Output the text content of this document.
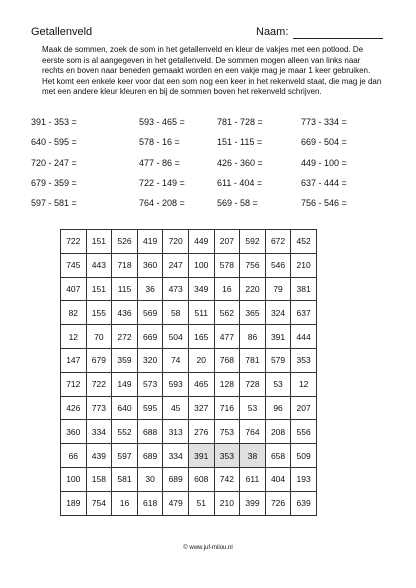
Getallenveld	Naam:
Maak de sommen, zoek de som in het getallenveld en kleur de vakjes met een potlood. De eerste som is al aangegeven in het getallenveld. De sommen mogen alleen van links naar rechts en boven naar beneden gemaakt worden en een vakje mag je maar 1 keer gebruiken. Het komt een enkele keer voor dat een som nog een keer in het rekenveld staat, die mag je dan met een andere kleur kleuren en bij de sommen boven het rekenveld schrijven.
391 - 353 =	593 - 465 =	781 - 728 =	773 - 334 =
640 - 595 =	578 - 16 =	151 - 115 =	669 - 504 =
720 - 247 =	477 - 86 =	426 - 360 =	449 - 100 =
679 - 359 =	722 - 149 =	611 - 404 =	637 - 444 =
597 - 581 =	764 - 208 =	569 - 58 =	756 - 546 =
722	151	526	419	720	449	207	592	672	452
745	443	718	360	247	100	578	756	546	210
407	151	115	36	473	349	16	220	79	381
82	155	436	569	58	511	562	365	324	637
12	70	272	669	504	165	477	86	391	444
147	679	359	320	74	20	768	781	579	353
712	722	149	573	593	465	128	728	53	12
426	773	640	595	45	327	716	53	96	207
360	334	552	688	313	276	753	764	208	556
66	439	597	689	334	391	353	38	658	509
100	158	581	30	689	608	742	611	404	193
189	754	16	618	479	51	210	399	726	639
© www.juf-milou.nl
